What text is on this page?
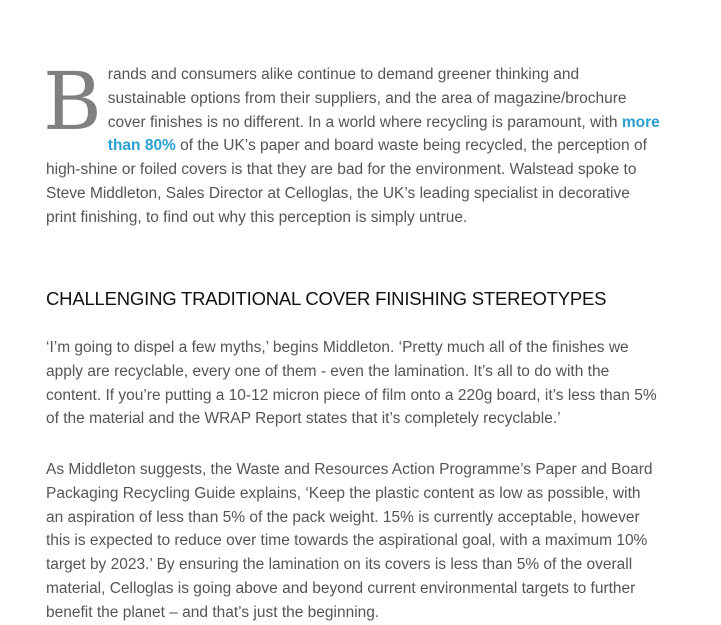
Brands and consumers alike continue to demand greener thinking and sustainable options from their suppliers, and the area of magazine/brochure cover finishes is no different. In a world where recycling is paramount, with more than 80% of the UK’s paper and board waste being recycled, the perception of high-shine or foiled covers is that they are bad for the environment. Walstead spoke to Steve Middleton, Sales Director at Celloglas, the UK’s leading specialist in decorative print finishing, to find out why this perception is simply untrue.
CHALLENGING TRADITIONAL COVER FINISHING STEREOTYPES

‘I’m going to dispel a few myths,’ begins Middleton. ‘Pretty much all of the finishes we apply are recyclable, every one of them - even the lamination. It’s all to do with the content. If you’re putting a 10-12 micron piece of film onto a 220g board, it’s less than 5% of the material and the WRAP Report states that it’s completely recyclable.’

As Middleton suggests, the Waste and Resources Action Programme’s Paper and Board Packaging Recycling Guide explains, ‘Keep the plastic content as low as possible, with an aspiration of less than 5% of the pack weight. 15% is currently acceptable, however this is expected to reduce over time towards the aspirational goal, with a maximum 10% target by 2023.’ By ensuring the lamination on its covers is less than 5% of the overall material, Celloglas is going above and beyond current environmental targets to further benefit the planet – and that’s just the beginning.
